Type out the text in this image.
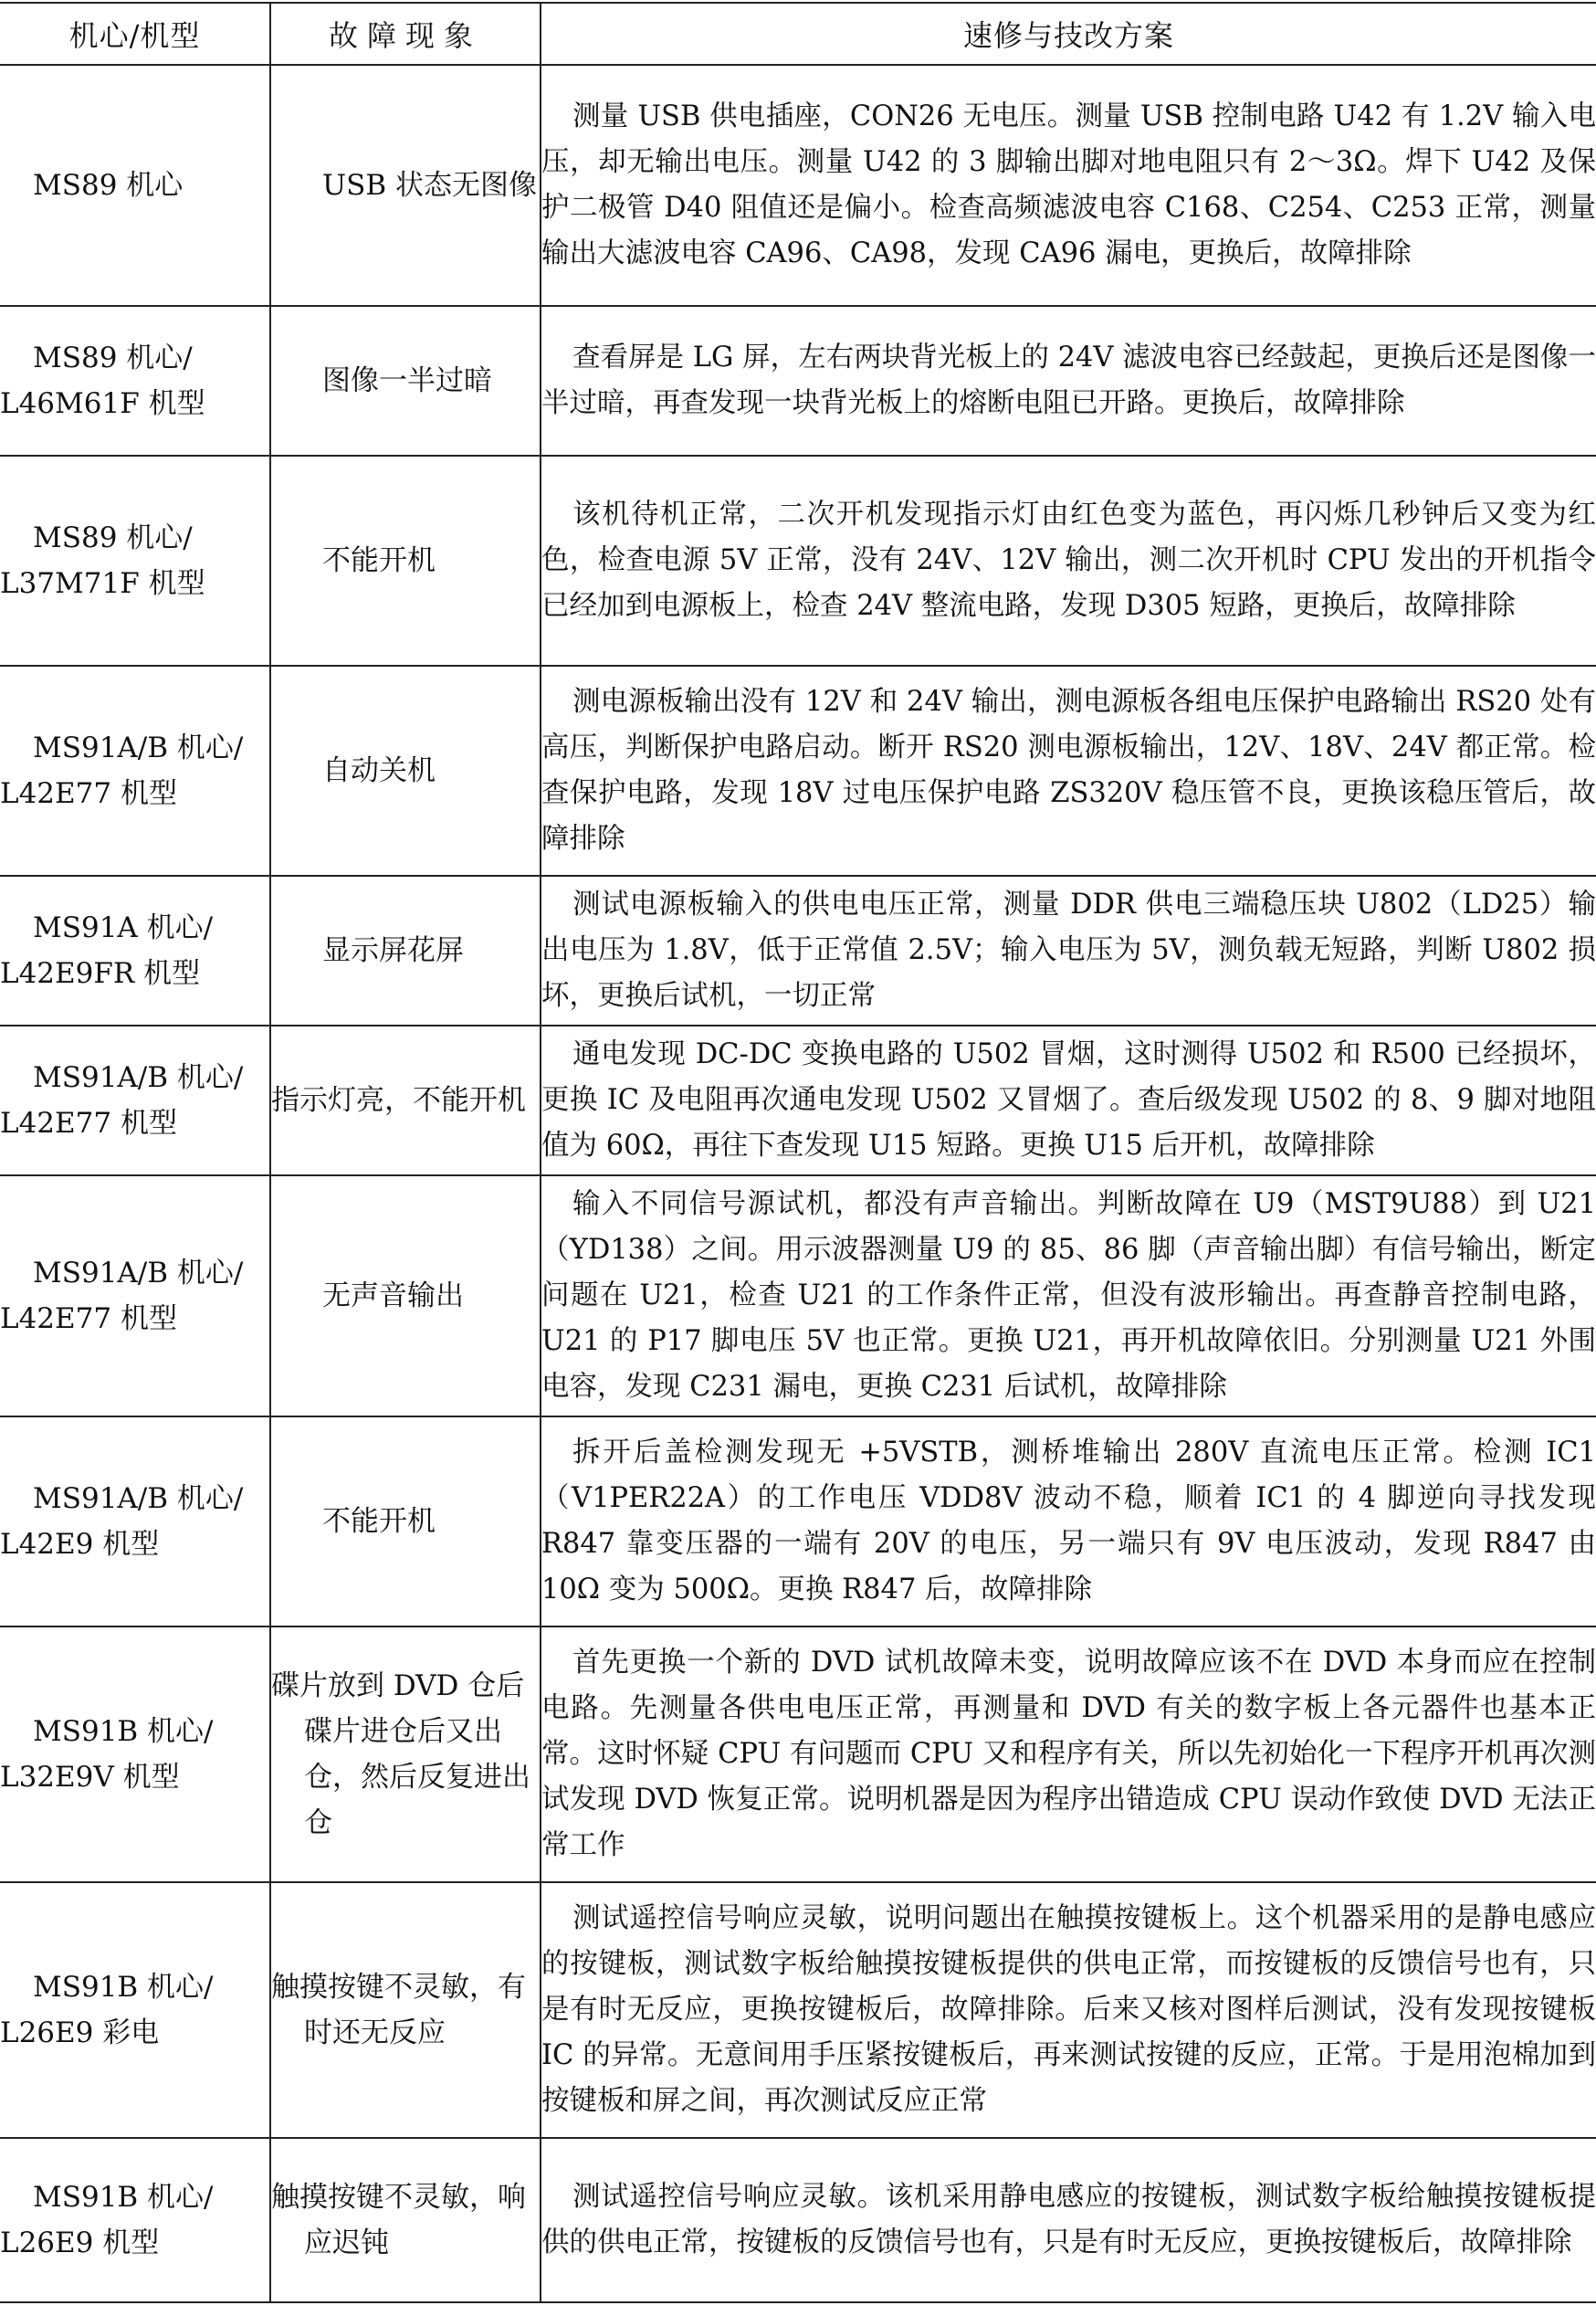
机心/机型	故障现象	速修与技改方案

MS89 机心	USB 状态无图像	测量 USB 供电插座，CON26 无电压。测量 USB 控制电路 U42 有 1.2V 输入电压，却无输出电压。测量 U42 的 3 脚输出脚对地电阻只有 2～3Ω。焊下 U42 及保护二极管 D40 阻值还是偏小。检查高频滤波电容 C168、C254、C253 正常，测量输出大滤波电容 CA96、CA98，发现 CA96 漏电，更换后，故障排除

MS89 机心/
L46M61F 机型	图像一半过暗	查看屏是 LG 屏，左右两块背光板上的 24V 滤波电容已经鼓起，更换后还是图像一半过暗，再查发现一块背光板上的熔断电阻已开路。更换后，故障排除

MS89 机心/
L37M71F 机型	不能开机	该机待机正常，二次开机发现指示灯由红色变为蓝色，再闪烁几秒钟后又变为红色，检查电源 5V 正常，没有 24V、12V 输出，测二次开机时 CPU 发出的开机指令已经加到电源板上，检查 24V 整流电路，发现 D305 短路，更换后，故障排除

MS91A/B 机心/
L42E77 机型	自动关机	测电源板输出没有 12V 和 24V 输出，测电源板各组电压保护电路输出 RS20 处有高压，判断保护电路启动。断开 RS20 测电源板输出，12V、18V、24V 都正常。检查保护电路，发现 18V 过电压保护电路 ZS320V 稳压管不良，更换该稳压管后，故障排除

MS91A 机心/
L42E9FR 机型	显示屏花屏	测试电源板输入的供电电压正常，测量 DDR 供电三端稳压块 U802（LD25）输出电压为 1.8V，低于正常值 2.5V；输入电压为 5V，测负载无短路，判断 U802 损坏，更换后试机，一切正常

MS91A/B 机心/
L42E77 机型	指示灯亮，不能开机	通电发现 DC-DC 变换电路的 U502 冒烟，这时测得 U502 和 R500 已经损坏，更换 IC 及电阻再次通电发现 U502 又冒烟了。查后级发现 U502 的 8、9 脚对地阻值为 60Ω，再往下查发现 U15 短路。更换 U15 后开机，故障排除

MS91A/B 机心/
L42E77 机型	无声音输出	输入不同信号源试机，都没有声音输出。判断故障在 U9（MST9U88）到 U21（YD138）之间。用示波器测量 U9 的 85、86 脚（声音输出脚）有信号输出，断定问题在 U21，检查 U21 的工作条件正常，但没有波形输出。再查静音控制电路，U21 的 P17 脚电压 5V 也正常。更换 U21，再开机故障依旧。分别测量 U21 外围电容，发现 C231 漏电，更换 C231 后试机，故障排除

MS91A/B 机心/
L42E9 机型	不能开机	拆开后盖检测发现无 +5VSTB，测桥堆输出 280V 直流电压正常。检测 IC1（V1PER22A）的工作电压 VDD8V 波动不稳，顺着 IC1 的 4 脚逆向寻找发现 R847 靠变压器的一端有 20V 的电压，另一端只有 9V 电压波动，发现 R847 由 10Ω 变为 500Ω。更换 R847 后，故障排除

MS91B 机心/
L32E9V 机型	碟片放到 DVD 仓后碟片进仓后又出仓，然后反复进出仓	首先更换一个新的 DVD 试机故障未变，说明故障应该不在 DVD 本身而应在控制电路。先测量各供电电压正常，再测量和 DVD 有关的数字板上各元器件也基本正常。这时怀疑 CPU 有问题而 CPU 又和程序有关，所以先初始化一下程序开机再次测试发现 DVD 恢复正常。说明机器是因为程序出错造成 CPU 误动作致使 DVD 无法正常工作

MS91B 机心/
L26E9 彩电	触摸按键不灵敏，有时还无反应	测试遥控信号响应灵敏，说明问题出在触摸按键板上。这个机器采用的是静电感应的按键板，测试数字板给触摸按键板提供的供电正常，而按键板的反馈信号也有，只是有时无反应，更换按键板后，故障排除。后来又核对图样后测试，没有发现按键板 IC 的异常。无意间用手压紧按键板后，再来测试按键的反应，正常。于是用泡棉加到按键板和屏之间，再次测试反应正常

MS91B 机心/
L26E9 机型	触摸按键不灵敏，响应迟钝	测试遥控信号响应灵敏。该机采用静电感应的按键板，测试数字板给触摸按键板提供的供电正常，按键板的反馈信号也有，只是有时无反应，更换按键板后，故障排除
